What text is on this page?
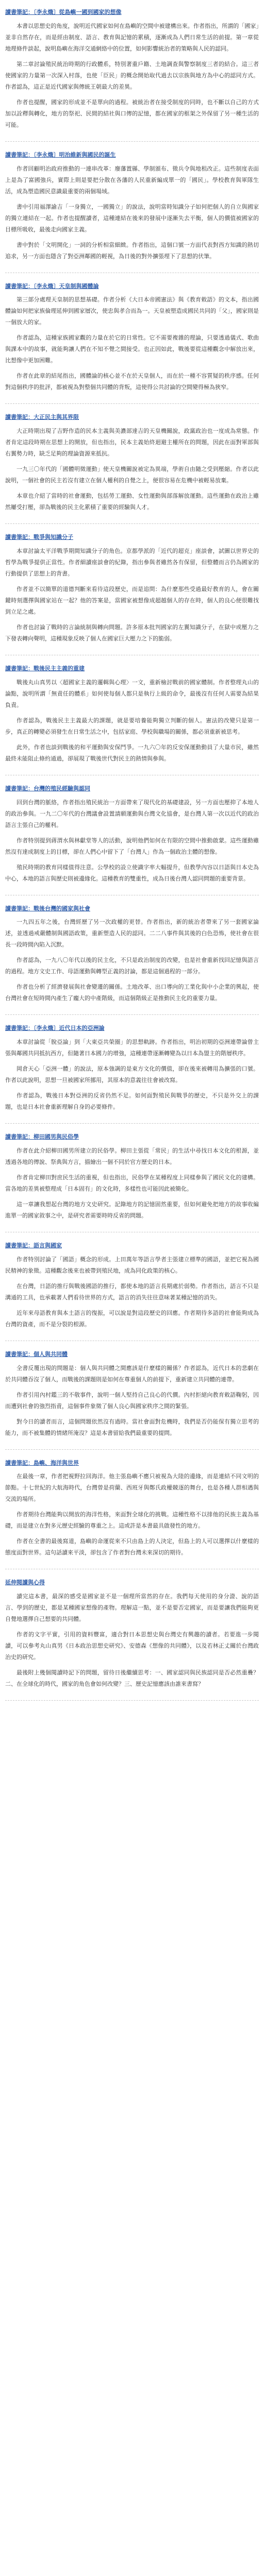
讀書筆記：〔李永熾〕從島嶼一國到國家的想像

本書以思想史的角度，說明近代國家如何在島嶼的空間中被建構出來。作者指出，所謂的「國家」並非自然存在，而是經由制度、語言、教育與記憶的累積，逐漸成為人們日常生活的前提。第一章從地理條件談起，說明島嶼在海洋交通網絡中的位置，如何影響統治者的策略與人民的認同。

第二章討論殖民統治時期的行政體系，特別著重戶籍、土地調查與警察制度三者的結合。這三者使國家的力量第一次深入村落，也使「臣民」的概念開始取代過去以宗族與地方為中心的認同方式。作者認為，這正是近代國家與傳統王朝最大的差異。

作者也提醒，國家的形成並不是單向的過程。被統治者在接受制度的同時，也不斷以自己的方式加以詮釋與轉化，地方的祭祀、民間的結社與口傳的記憶，都在國家的框架之外保留了另一種生活的可能。

讀書筆記：〔李永熾〕明治維新與國民的誕生

作者回顧明治政府推動的一連串改革：廢藩置縣、學制頒布、徵兵令與地租改正。這些制度表面上是為了富國強兵，實際上則是要把分散在各藩的人民重新編成單一的「國民」。學校教育與軍隊生活，成為塑造國民意識最重要的兩個場域。

書中引用福澤諭吉「一身獨立，一國獨立」的說法，說明當時知識分子如何把個人的自立與國家的獨立連結在一起。作者也提醒讀者，這種連結在後來的發展中逐漸失去平衡，個人的價值被國家的目標所吸收，最後走向國家主義。

書中對於「文明開化」一詞的分析相當細緻。作者指出，這個口號一方面代表對西方知識的熱切追求，另一方面也隱含了對亞洲鄰國的輕視，為日後的對外擴張埋下了思想的伏筆。

讀書筆記：〔李永熾〕天皇制與國體論

第三部分處理天皇制的思想基礎。作者分析《大日本帝國憲法》與《教育敕語》的文本，指出國體論如何把家族倫理延伸到國家層次，使忠與孝合而為一。天皇被塑造成國民共同的「父」，國家則是一個放大的家。

作者認為，這種家族國家觀的力量在於它的日常性。它不需要複雜的理論，只要透過儀式、歌曲與課本中的故事，就能夠讓人們在不知不覺之間接受。也正因如此，戰後要從這種觀念中解放出來，比想像中更加困難。

作者在此章的結尾指出，國體論的核心並不在於天皇個人，而在於一種不容質疑的秩序感。任何對這個秩序的批評，都被視為對整個共同體的背叛，這使得公共討論的空間變得極為狹窄。

讀書筆記：大正民主與其界限

大正時期出現了吉野作造的民本主義與美濃部達吉的天皇機關說，政黨政治也一度成為常態。作者肯定這段時期在思想上的開放，但也指出，民本主義始終迴避主權所在的問題，因此在面對軍部與右翼勢力時，缺乏足夠的理論資源來抵抗。

一九三〇年代的「國體明徵運動」使天皇機關說被定為異端，學術自由隨之受到壓縮。作者以此說明，一個社會的民主若沒有建立在個人權利的自覺之上，便很容易在危機中被輕易放棄。

本章也介紹了當時的社會運動，包括勞工運動、女性運動與部落解放運動。這些運動在政治上雖然屢受打壓，卻為戰後的民主化累積了重要的經驗與人才。

讀書筆記：戰爭與知識分子

本章討論太平洋戰爭期間知識分子的角色。京都學派的「近代的超克」座談會，試圖以世界史的哲學為戰爭提供正當性。作者細讀座談會的紀錄，指出參與者雖然各有保留，但整體而言仍為國家的行動提供了思想上的背書。

作者並不以簡單的道德判斷來看待這段歷史，而是追問：為什麼那些受過最好教育的人，會在關鍵時刻選擇與國家站在一起？他的答案是，當國家被想像成超越個人的存在時，個人的良心便很難找到立足之處。

作者也討論了戰時的言論統制與轉向問題。許多原本批判國家的左翼知識分子，在獄中或壓力之下發表轉向聲明，這種現象反映了個人在國家巨大壓力之下的脆弱。

讀書筆記：戰後民主主義的重建

戰後丸山真男以〈超國家主義的邏輯與心理〉一文，重新檢討戰前的國家體制。作者整理丸山的論點，說明所謂「無責任的體系」如何使每個人都只是執行上級的命令，最後沒有任何人需要為結果負責。

作者認為，戰後民主主義最大的課題，就是要培養能夠獨立判斷的個人。憲法的改變只是第一步，真正的轉變必須發生在日常生活之中，包括家庭、學校與職場的關係，都必須重新被思考。

此外，作者也談到戰後的和平運動與安保鬥爭。一九六〇年的反安保運動動員了大量市民，雖然最終未能阻止條約通過，卻展現了戰後世代對民主的熱情與參與。

讀書筆記：台灣的殖民經驗與認同

回到台灣的脈絡，作者指出殖民統治一方面帶來了現代化的基礎建設，另一方面也壓抑了本地人的政治參與。一九二〇年代的台灣議會設置請願運動與台灣文化協會，是台灣人第一次以近代的政治語言主張自己的權利。

作者特別提到蔣渭水與林獻堂等人的活動，說明他們如何在有限的空間中推動啟蒙。這些運動雖然沒有達成制度上的目標，卻在人們心中留下了「台灣人」作為一個政治主體的想像。

殖民時期的教育同樣值得注意。公學校的設立使識字率大幅提升，但教學內容以日語與日本史為中心，本地的語言與歷史則被邊緣化。這種教育的雙重性，成為日後台灣人認同問題的重要背景。

讀書筆記：戰後台灣的國家與社會

一九四五年之後，台灣經歷了另一次政權的更替。作者指出，新的統治者帶來了另一套國家論述，並透過戒嚴體制與國語政策，重新塑造人民的認同。二二八事件與其後的白色恐怖，使社會在很長一段時間內陷入沉默。

作者認為，一九八〇年代以後的民主化，不只是政治制度的改變，也是社會重新找回記憶與語言的過程。地方文史工作、母語運動與轉型正義的討論，都是這個過程的一部分。

作者也分析了經濟發展與社會變遷的關係。土地改革、出口導向的工業化與中小企業的興起，使台灣社會在短時間內產生了龐大的中產階級，而這個階級正是推動民主化的重要力量。

讀書筆記：〔李永熾〕近代日本的亞洲論

本章討論從「脫亞論」到「大東亞共榮圈」的思想軌跡。作者指出，明治初期的亞洲連帶論曾主張與鄰國共同抵抗西方，但隨著日本國力的增強，這種連帶逐漸轉變為以日本為盟主的階層秩序。

岡倉天心「亞洲一體」的說法，原本強調的是東方文化的價值，卻在後來被轉用為擴張的口號。作者以此說明，思想一旦被國家所挪用，其原本的意義往往會被改寫。

作者認為，戰後日本對亞洲的反省仍然不足。如何面對殖民與戰爭的歷史，不只是外交上的課題，也是日本社會重新理解自身的必要條件。

讀書筆記：柳田國男與民俗學

作者在此介紹柳田國男所建立的民俗學。柳田主張從「常民」的生活中尋找日本文化的根源，並透過各地的傳說、祭典與方言，描繪出一個不同於官方歷史的日本。

作者肯定柳田對庶民生活的重視，但也指出，民俗學在某種程度上同樣參與了國民文化的建構。當各地的差異被整理成「日本固有」的文化時，多樣性也可能因此被簡化。

這一章讓我想起台灣的地方文史研究。記錄地方的記憶固然重要，但如何避免把地方的故事收編進單一的國家敘事之中，是研究者需要時時反省的問題。

讀書筆記：語言與國家

作者特別討論了「國語」概念的形成。上田萬年等語言學者主張建立標準的國語，並把它視為國民精神的象徵。這種觀念後來也被帶到殖民地，成為同化政策的核心。

在台灣，日語的推行與戰後國語的推行，都使本地的語言長期處於弱勢。作者指出，語言不只是溝通的工具，也承載著人們看待世界的方式，語言的消失往往意味著某種記憶的消失。

近年來母語教育與本土語言的復振，可以說是對這段歷史的回應。作者期待多語的社會能夠成為台灣的資產，而不是分裂的根源。

讀書筆記：個人與共同體

全書反覆出現的問題是：個人與共同體之間應該是什麼樣的關係？作者認為，近代日本的悲劇在於共同體吞沒了個人，而戰後的課題則是如何在尊重個人的前提下，重新建立共同體的連帶。

作者引用內村鑑三的不敬事件，說明一個人堅持自己良心的代價。內村拒絕向教育敕語鞠躬，因而遭到社會的強烈指責，這個事件象徵了個人良心與國家秩序之間的緊張。

對今日的讀者而言，這個問題依然沒有過時。當社會面對危機時，我們是否仍能保有獨立思考的能力，而不被集體的情緒所淹沒？這是本書留給我們最重要的提問。

讀書筆記：島嶼、海洋與世界

在最後一章，作者把視野拉回海洋。他主張島嶼不應只被視為大陸的邊緣，而是連結不同文明的節點。十七世紀的大航海時代，台灣曾是荷蘭、西班牙與鄭氏政權競逐的舞台，也是各種人群相遇與交流的場所。

作者期待台灣能夠以開放的海洋性格，來面對全球化的挑戰。這種性格不以排他的民族主義為基礎，而是建立在對多元歷史經驗的尊重之上。這或許是本書最具啟發性的地方。

作者在全書的最後寫道，島嶼的命運從來不只由島上的人決定，但島上的人可以選擇以什麼樣的態度面對世界。這句話讀來平淡，卻包含了作者對台灣未來深切的期待。

延伸閱讀與心得

讀完這本書，最深的感受是國家並不是一個理所當然的存在。我們每天使用的身分證、說的語言、學到的歷史，都是某種國家想像的產物。理解這一點，並不是要否定國家，而是要讓我們能夠更自覺地選擇自己想要的共同體。

作者的文字平實，引用的資料豐富，適合對日本思想史與台灣史有興趣的讀者。若要進一步閱讀，可以參考丸山真男《日本政治思想史研究》、安德森《想像的共同體》，以及若林正丈關於台灣政治史的研究。

最後附上幾個閱讀時記下的問題，留待日後繼續思考：一、國家認同與民族認同是否必然重疊？二、在全球化的時代，國家的角色會如何改變？三、歷史記憶應該由誰來書寫？
